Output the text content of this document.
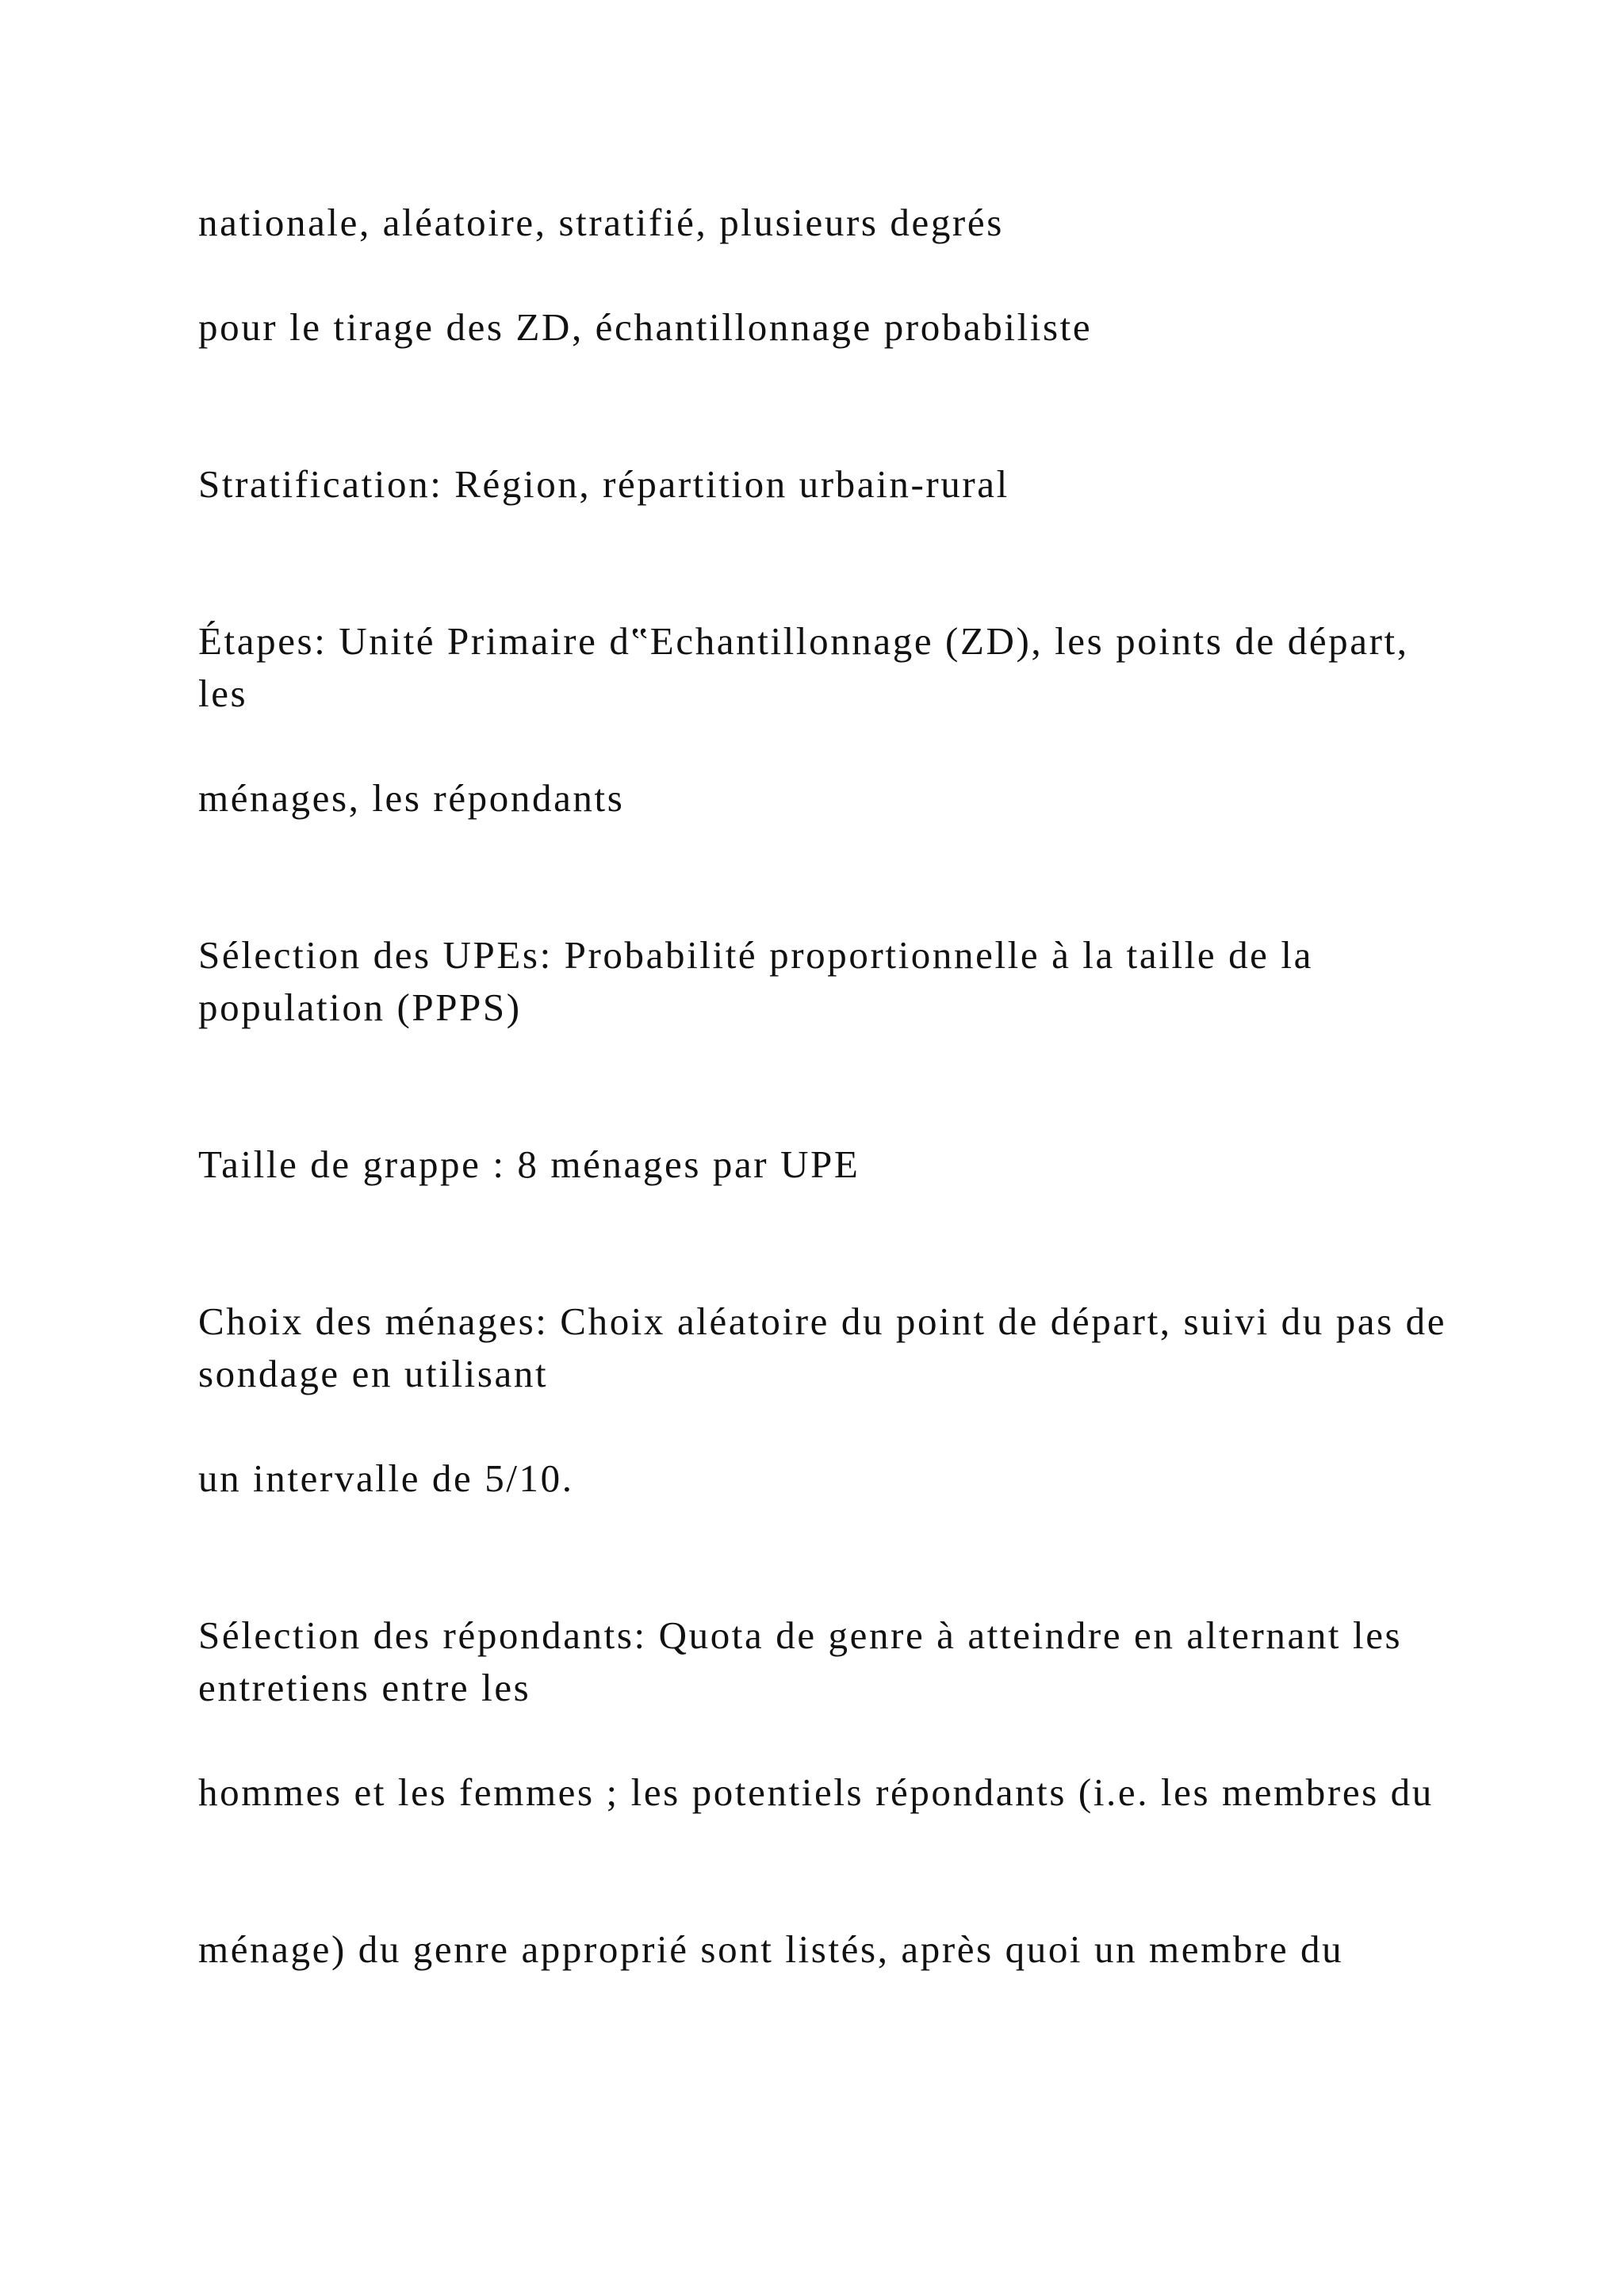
nationale, aléatoire, stratifié, plusieurs degrés

pour le tirage des ZD, échantillonnage probabiliste

Stratification: Région, répartition urbain-rural

Étapes: Unité Primaire d‟Echantillonnage (ZD), les points de départ, les

ménages, les répondants

Sélection des UPEs: Probabilité proportionnelle à la taille de la population (PPPS)

Taille de grappe : 8 ménages par UPE

Choix des ménages: Choix aléatoire du point de départ, suivi du pas de sondage en utilisant

un intervalle de 5/10.

Sélection des répondants: Quota de genre à atteindre en alternant les entretiens entre les

hommes et les femmes ; les potentiels répondants (i.e. les membres du

ménage) du genre approprié sont listés, après quoi un membre du
